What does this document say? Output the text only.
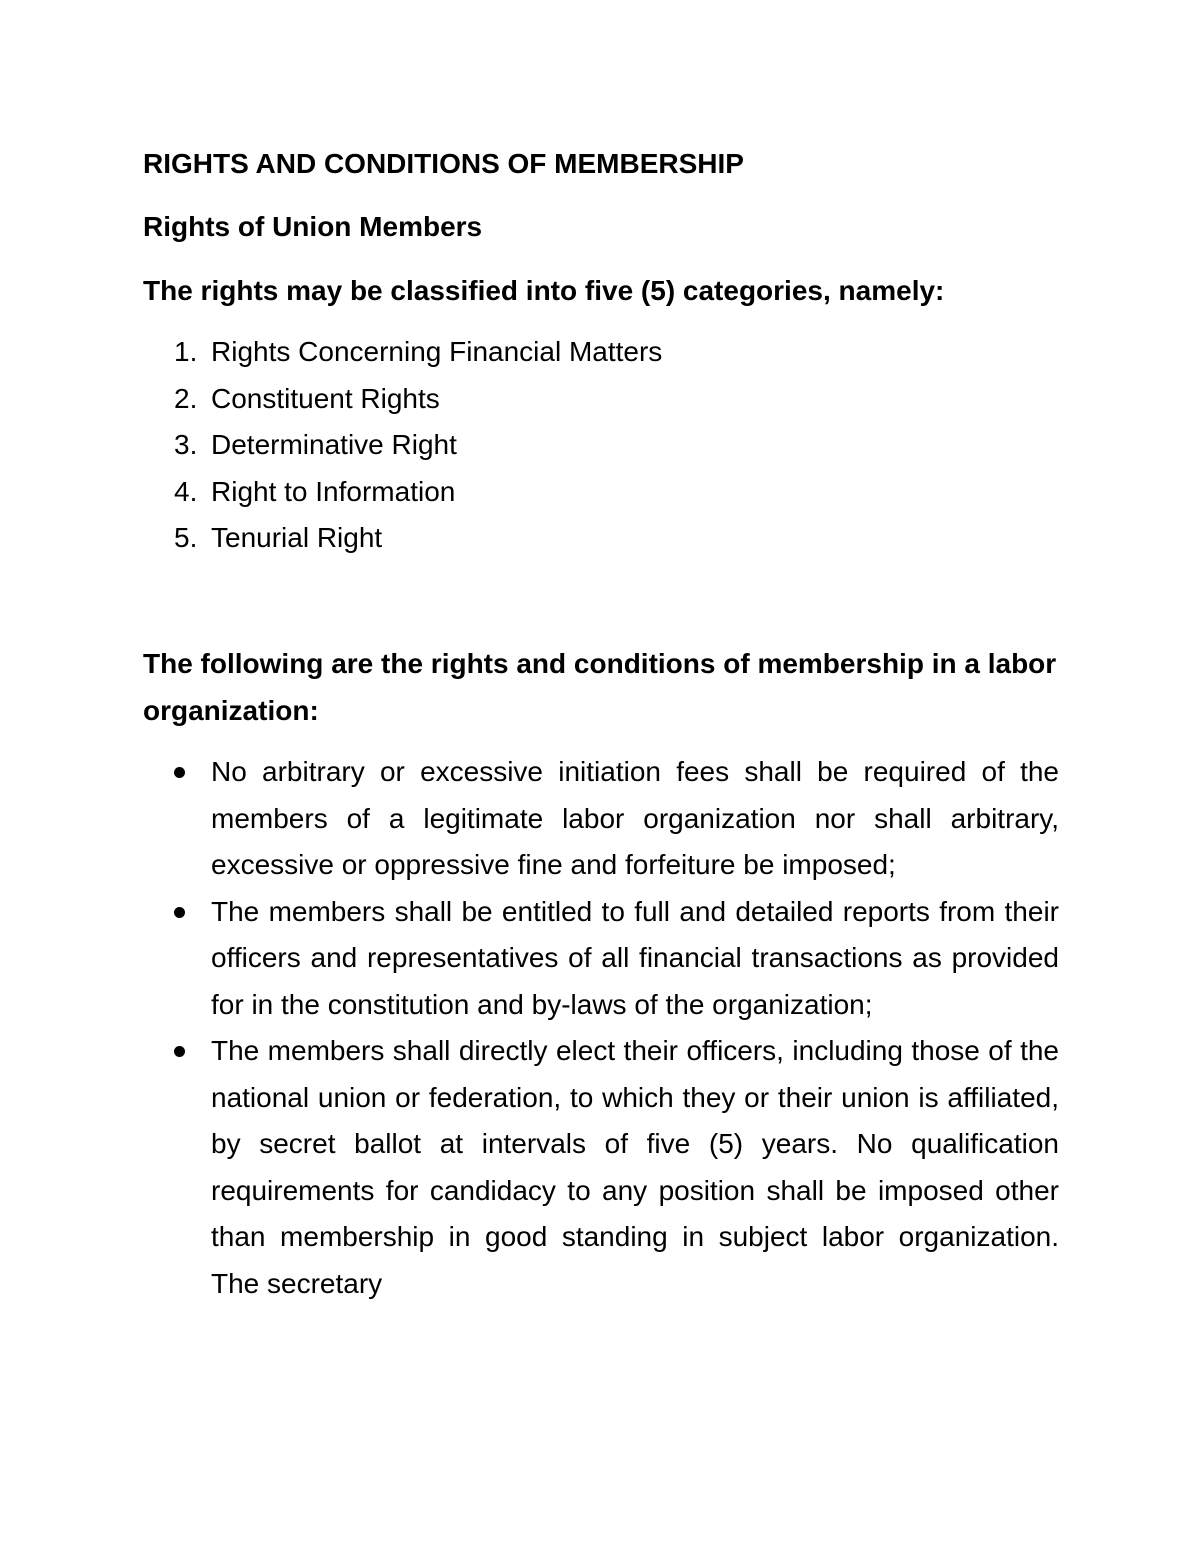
RIGHTS AND CONDITIONS OF MEMBERSHIP

Rights of Union Members

The rights may be classified into five (5) categories, namely:

1. Rights Concerning Financial Matters
2. Constituent Rights
3. Determinative Right
4. Right to Information
5. Tenurial Right

The following are the rights and conditions of membership in a labor organization:

No arbitrary or excessive initiation fees shall be required of the members of a legitimate labor organization nor shall arbitrary, excessive or oppressive fine and forfeiture be imposed;
The members shall be entitled to full and detailed reports from their officers and representatives of all financial transactions as provided for in the constitution and by-laws of the organization;
The members shall directly elect their officers, including those of the national union or federation, to which they or their union is affiliated, by secret ballot at intervals of five (5) years. No qualification requirements for candidacy to any position shall be imposed other than membership in good standing in subject labor organization. The secretary
